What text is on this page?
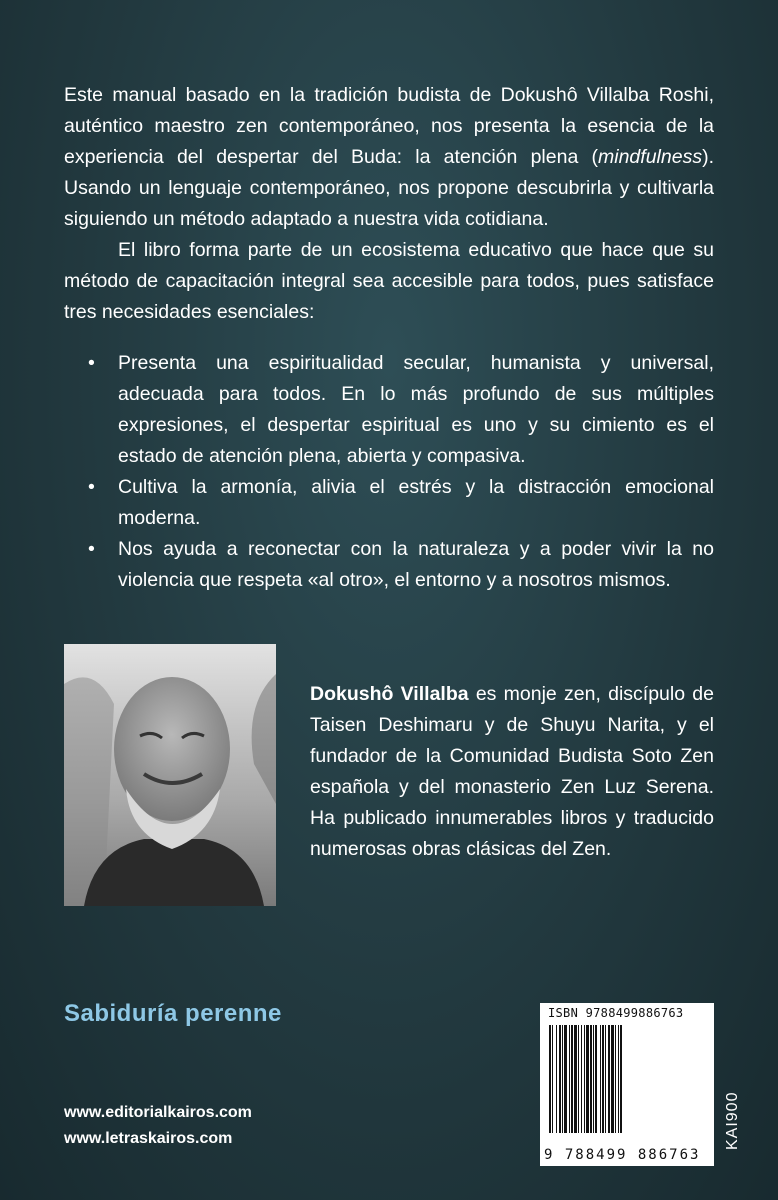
Este manual basado en la tradición budista de Dokushô Villalba Roshi, auténtico maestro zen contemporáneo, nos presenta la esencia de la experiencia del despertar del Buda: la atención plena (mindfulness). Usando un lenguaje contemporáneo, nos propone descubrirla y cultivarla siguiendo un método adaptado a nuestra vida cotidiana.

El libro forma parte de un ecosistema educativo que hace que su método de capacitación integral sea accesible para todos, pues satisface tres necesidades esenciales:

• Presenta una espiritualidad secular, humanista y universal, adecuada para todos. En lo más profundo de sus múltiples expresiones, el despertar espiritual es uno y su cimiento es el estado de atención plena, abierta y compasiva.
• Cultiva la armonía, alivia el estrés y la distracción emocional moderna.
• Nos ayuda a reconectar con la naturaleza y a poder vivir la no violencia que respeta «al otro», el entorno y a nosotros mismos.

Dokushô Villalba es monje zen, discípulo de Taisen Deshimaru y de Shuyu Narita, y el fundador de la Comunidad Budista Soto Zen española y del monasterio Zen Luz Serena. Ha publicado innumerables libros y traducido numerosas obras clásicas del Zen.

Sabiduría perenne
www.editorialkairos.com
www.letraskairos.com
ISBN 9788499886763
9 788499 886763
KAI900
